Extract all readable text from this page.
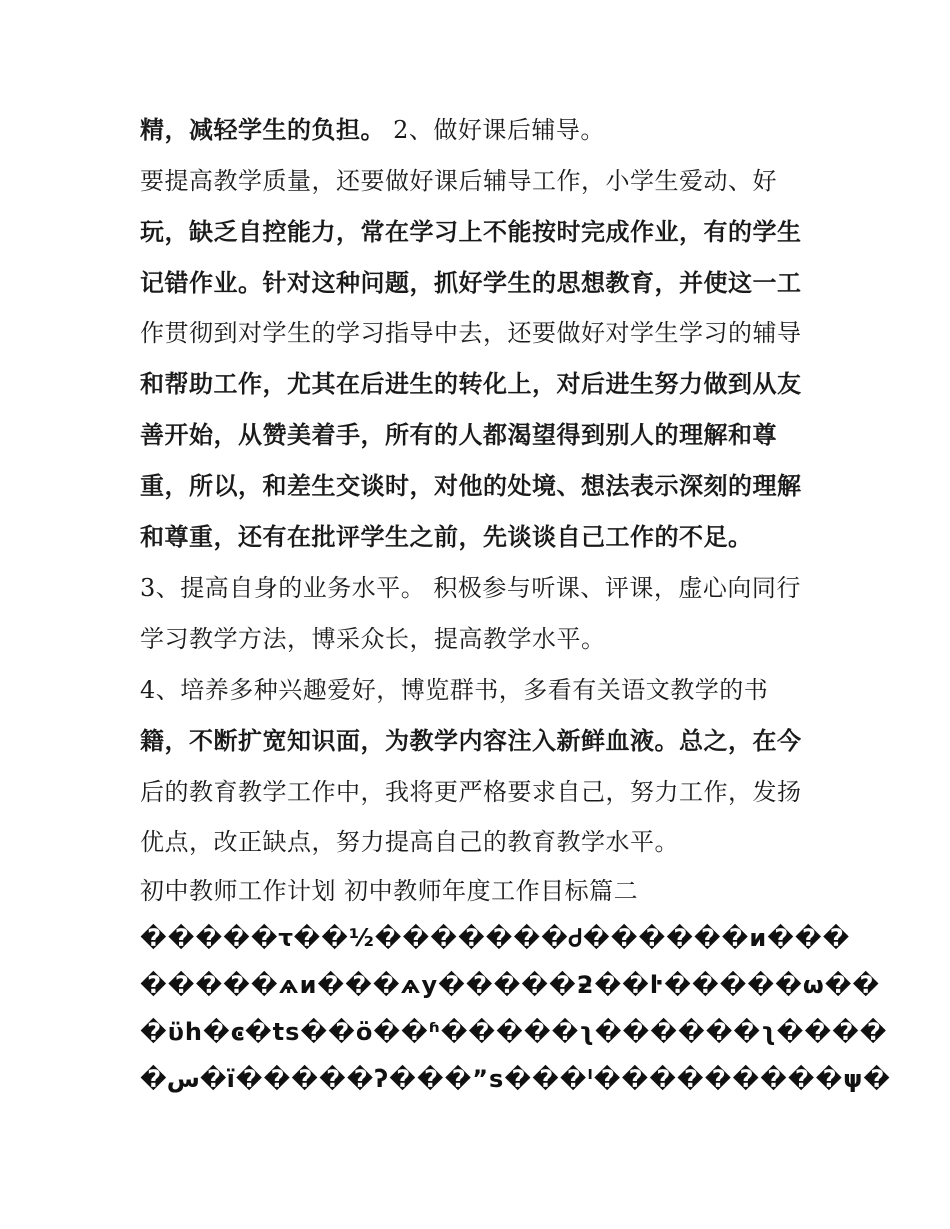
精，减轻学生的负担。 2、做好课后辅导。
要提高教学质量，还要做好课后辅导工作，小学生爱动、好
玩，缺乏自控能力，常在学习上不能按时完成作业，有的学生
记错作业。针对这种问题，抓好学生的思想教育，并使这一工
作贯彻到对学生的学习指导中去，还要做好对学生学习的辅导
和帮助工作，尤其在后进生的转化上，对后进生努力做到从友
善开始，从赞美着手，所有的人都渴望得到别人的理解和尊
重，所以，和差生交谈时，对他的处境、想法表示深刻的理解
和尊重，还有在批评学生之前，先谈谈自己工作的不足。
3、提高自身的业务水平。 积极参与听课、评课，虚心向同行
学习教学方法，博采众长，提高教学水平。
4、培养多种兴趣爱好，博览群书，多看有关语文教学的书
籍，不断扩宽知识面，为教学内容注入新鲜血液。总之，在今
后的教育教学工作中，我将更严格要求自己，努力工作，发扬
优点，改正缺点，努力提高自己的教育教学水平。
初中教师工作计划 初中教师年度工作目标篇二
�����ꚍ��½�������Ꮷ������и���
�����ѧи���ѧy�����ƻ��ŀ�����ѡ��
�ϋh�ͼ�ts��ö��ʱ�����ʅ������ʅ����
�ﺱ�ï�����ʔ���”ѕ���ˡ���������ψ�
